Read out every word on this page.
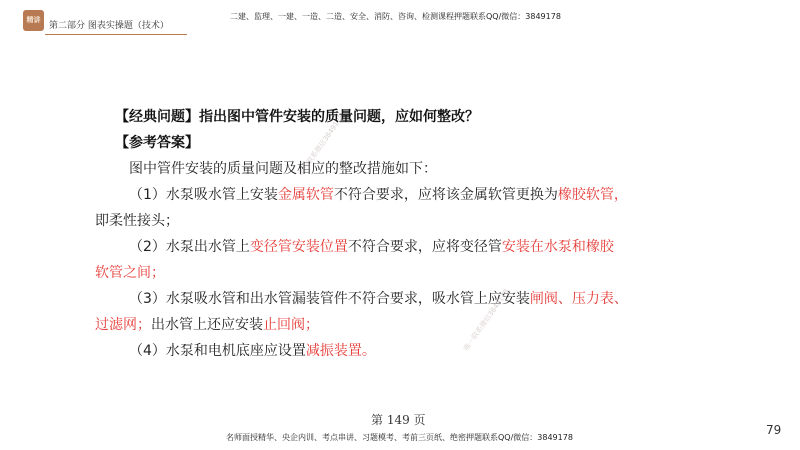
精讲
第二部分 图表实操题（技术）
二建、监理、一建、一造、二造、安全、消防、咨询、检测课程押题联系QQ/微信：3849178
唯一联系微信3849178
唯一联系微信3849178
【经典问题】指出图中管件安装的质量问题，应如何整改？
【参考答案】
图中管件安装的质量问题及相应的整改措施如下：
（1）水泵吸水管上安装金属软管不符合要求，应将该金属软管更换为橡胶软管，
即柔性接头；
（2）水泵出水管上变径管安装位置不符合要求，应将变径管安装在水泵和橡胶
软管之间；
（3）水泵吸水管和出水管漏装管件不符合要求，吸水管上应安装闸阀、压力表、
过滤网；出水管上还应安装止回阀；
（4）水泵和电机底座应设置减振装置。
第 149 页
名师面授精华、央企内训、考点串讲、习题模考、考前三页纸、绝密押题联系QQ/微信：3849178
79
